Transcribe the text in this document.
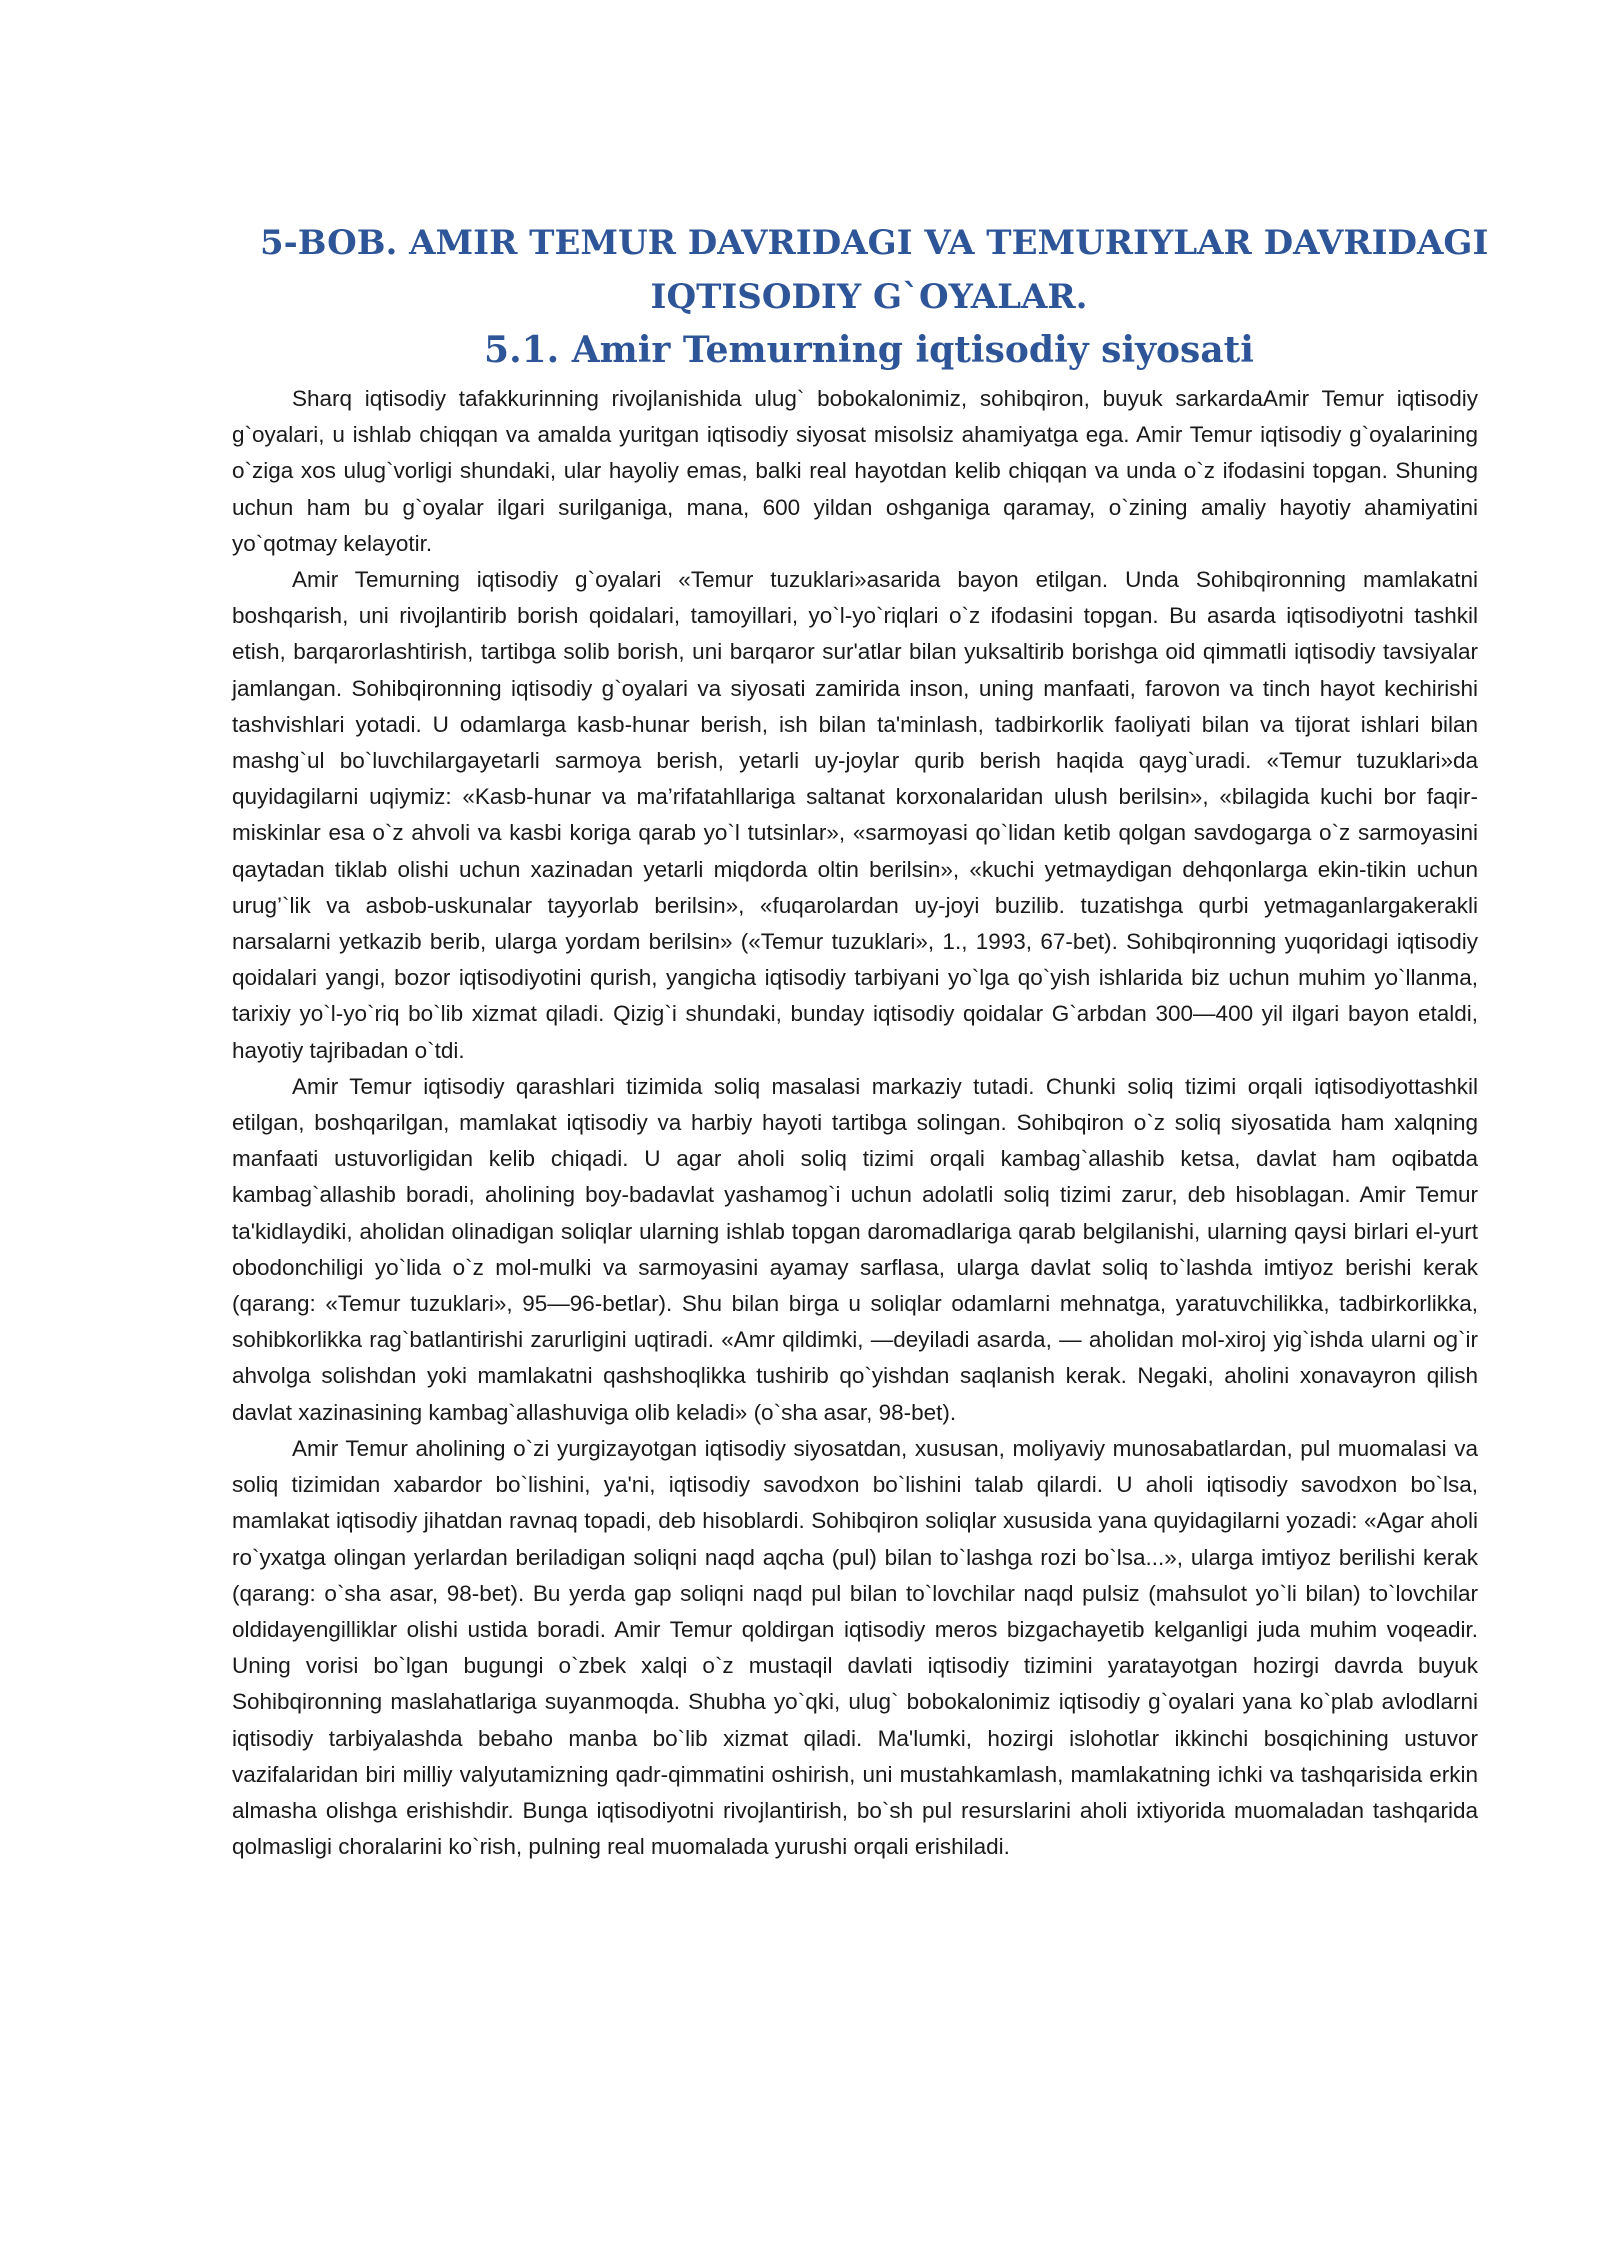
5-BOB. AMIR TEMUR DAVRIDAGI VA TEMURIYLAR DAVRIDAGI
IQTISODIY G`OYALAR.
5.1. Amir Temurning iqtisodiy siyosati

Sharq iqtisodiy tafakkurinning rivojlanishida ulug` bobokalonimiz, sohibqiron, buyuk sarkardaAmir Temur iqtisodiy g`oyalari, u ishlab chiqqan va amalda yuritgan iqtisodiy siyosat misolsiz ahamiyatga ega. Amir Temur iqtisodiy g`oyalarining o`ziga xos ulug`vorligi shundaki, ular hayoliy emas, balki real hayotdan kelib chiqqan va unda o`z ifodasini topgan. Shuning uchun ham bu g`oyalar ilgari surilganiga, mana, 600 yildan oshganiga qaramay, o`zining amaliy hayotiy ahamiyatini yo`qotmay kelayotir.

Amir Temurning iqtisodiy g`oyalari «Temur tuzuklari»asarida bayon etilgan. Unda Sohibqironning mamlakatni boshqarish, uni rivojlantirib borish qoidalari, tamoyillari, yo`l-yo`riqlari o`z ifodasini topgan. Bu asarda iqtisodiyotni tashkil etish, barqarorlashtirish, tartibga solib borish, uni barqaror sur'atlar bilan yuksaltirib borishga oid qimmatli iqtisodiy tavsiyalar jamlangan. Sohibqironning iqtisodiy g`oyalari va siyosati zamirida inson, uning manfaati, farovon va tinch hayot kechirishi tashvishlari yotadi. U odamlarga kasb-hunar berish, ish bilan ta'minlash, tadbirkorlik faoliyati bilan va tijorat ishlari bilan mashg`ul bo`luvchilargayetarli sarmoya berish, yetarli uy-joylar qurib berish haqida qayg`uradi. «Temur tuzuklari»da quyidagilarni uqiymiz: «Kasb-hunar va ma’rifatahllariga saltanat korxonalaridan ulush berilsin», «bilagida kuchi bor faqir-miskinlar esa o`z ahvoli va kasbi koriga qarab yo`l tutsinlar», «sarmoyasi qo`lidan ketib qolgan savdogarga o`z sarmoyasini qaytadan tiklab olishi uchun xazinadan yetarli miqdorda oltin berilsin», «kuchi yetmaydigan dehqonlarga ekin-tikin uchun urug’`lik va asbob-uskunalar tayyorlab berilsin», «fuqarolardan uy-joyi buzilib. tuzatishga qurbi yetmaganlargakerakli narsalarni yetkazib berib, ularga yordam berilsin» («Temur tuzuklari», 1., 1993, 67-bet). Sohibqironning yuqoridagi iqtisodiy qoidalari yangi, bozor iqtisodiyotini qurish, yangicha iqtisodiy tarbiyani yo`lga qo`yish ishlarida biz uchun muhim yo`llanma, tarixiy yo`l-yo`riq bo`lib xizmat qiladi. Qizig`i shundaki, bunday iqtisodiy qoidalar G`arbdan 300—400 yil ilgari bayon etaldi, hayotiy tajribadan o`tdi.

Amir Temur iqtisodiy qarashlari tizimida soliq masalasi markaziy tutadi. Chunki soliq tizimi orqali iqtisodiyottashkil etilgan, boshqarilgan, mamlakat iqtisodiy va harbiy hayoti tartibga solingan. Sohibqiron o`z soliq siyosatida ham xalqning manfaati ustuvorligidan kelib chiqadi. U agar aholi soliq tizimi orqali kambag`allashib ketsa, davlat ham oqibatda kambag`allashib boradi, aholining boy-badavlat yashamog`i uchun adolatli soliq tizimi zarur, deb hisoblagan. Amir Temur ta'kidlaydiki, aholidan olinadigan soliqlar ularning ishlab topgan daromadlariga qarab belgilanishi, ularning qaysi birlari el-yurt obodonchiligi yo`lida o`z mol-mulki va sarmoyasini ayamay sarflasa, ularga davlat soliq to`lashda imtiyoz berishi kerak (qarang: «Temur tuzuklari», 95—96-betlar). Shu bilan birga u soliqlar odamlarni mehnatga, yaratuvchilikka, tadbirkorlikka, sohibkorlikka rag`batlantirishi zarurligini uqtiradi. «Amr qildimki, —deyiladi asarda, — aholidan mol-xiroj yig`ishda ularni og`ir ahvolga solishdan yoki mamlakatni qashshoqlikka tushirib qo`yishdan saqlanish kerak. Negaki, aholini xonavayron qilish davlat xazinasining kambag`allashuviga olib keladi» (o`sha asar, 98-bet).

Amir Temur aholining o`zi yurgizayotgan iqtisodiy siyosatdan, xususan, moliyaviy munosabatlardan, pul muomalasi va soliq tizimidan xabardor bo`lishini, ya'ni, iqtisodiy savodxon bo`lishini talab qilardi. U aholi iqtisodiy savodxon bo`lsa, mamlakat iqtisodiy jihatdan ravnaq topadi, deb hisoblardi. Sohibqiron soliqlar xususida yana quyidagilarni yozadi: «Agar aholi ro`yxatga olingan yerlardan beriladigan soliqni naqd aqcha (pul) bilan to`lashga rozi bo`lsa...», ularga imtiyoz berilishi kerak (qarang: o`sha asar, 98-bet). Bu yerda gap soliqni naqd pul bilan to`lovchilar naqd pulsiz (mahsulot yo`li bilan) to`lovchilar oldidayengilliklar olishi ustida boradi. Amir Temur qoldirgan iqtisodiy meros bizgachayetib kelganligi juda muhim voqeadir. Uning vorisi bo`lgan bugungi o`zbek xalqi o`z mustaqil davlati iqtisodiy tizimini yaratayotgan hozirgi davrda buyuk Sohibqironning maslahatlariga suyanmoqda. Shubha yo`qki, ulug` bobokalonimiz iqtisodiy g`oyalari yana ko`plab avlodlarni iqtisodiy tarbiyalashda bebaho manba bo`lib xizmat qiladi. Ma'lumki, hozirgi islohotlar ikkinchi bosqichining ustuvor vazifalaridan biri milliy valyutamizning qadr-qimmatini oshirish, uni mustahkamlash, mamlakatning ichki va tashqarisida erkin almasha olishga erishishdir. Bunga iqtisodiyotni rivojlantirish, bo`sh pul resurslarini aholi ixtiyorida muomaladan tashqarida qolmasligi choralarini ko`rish, pulning real muomalada yurushi orqali erishiladi.
